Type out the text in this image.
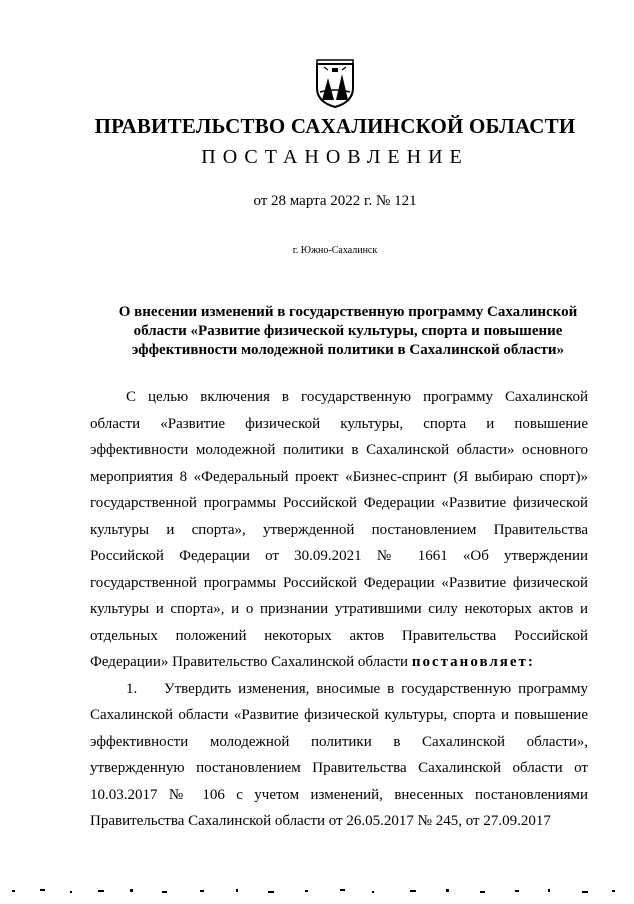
ПРАВИТЕЛЬСТВО САХАЛИНСКОЙ ОБЛАСТИ
ПОСТАНОВЛЕНИЕ
от 28 марта 2022 г. № 121
г. Южно-Сахалинск
О внесении изменений в государственную программу Сахалинской
области «Развитие физической культуры, спорта и повышение
эффективности молодежной политики в Сахалинской области»

С целью включения в государственную программу Сахалинской области «Развитие физической культуры, спорта и повышение эффективности молодежной политики в Сахалинской области» основного мероприятия 8 «Федеральный проект «Бизнес-спринт (Я выбираю спорт)» государственной программы Российской Федерации «Развитие физической культуры и спорта», утвержденной постановлением Правительства Российской Федерации от 30.09.2021 № 1661 «Об утверждении государственной программы Российской Федерации «Развитие физической культуры и спорта», и о признании утратившими силу некоторых актов и отдельных положений некоторых актов Правительства Российской Федерации» Правительство Сахалинской области постановляет:

1. Утвердить изменения, вносимые в государственную программу Сахалинской области «Развитие физической культуры, спорта и повышение эффективности молодежной политики в Сахалинской области», утвержденную постановлением Правительства Сахалинской области от 10.03.2017 № 106 с учетом изменений, внесенных постановлениями Правительства Сахалинской области от 26.05.2017 № 245, от 27.09.2017
